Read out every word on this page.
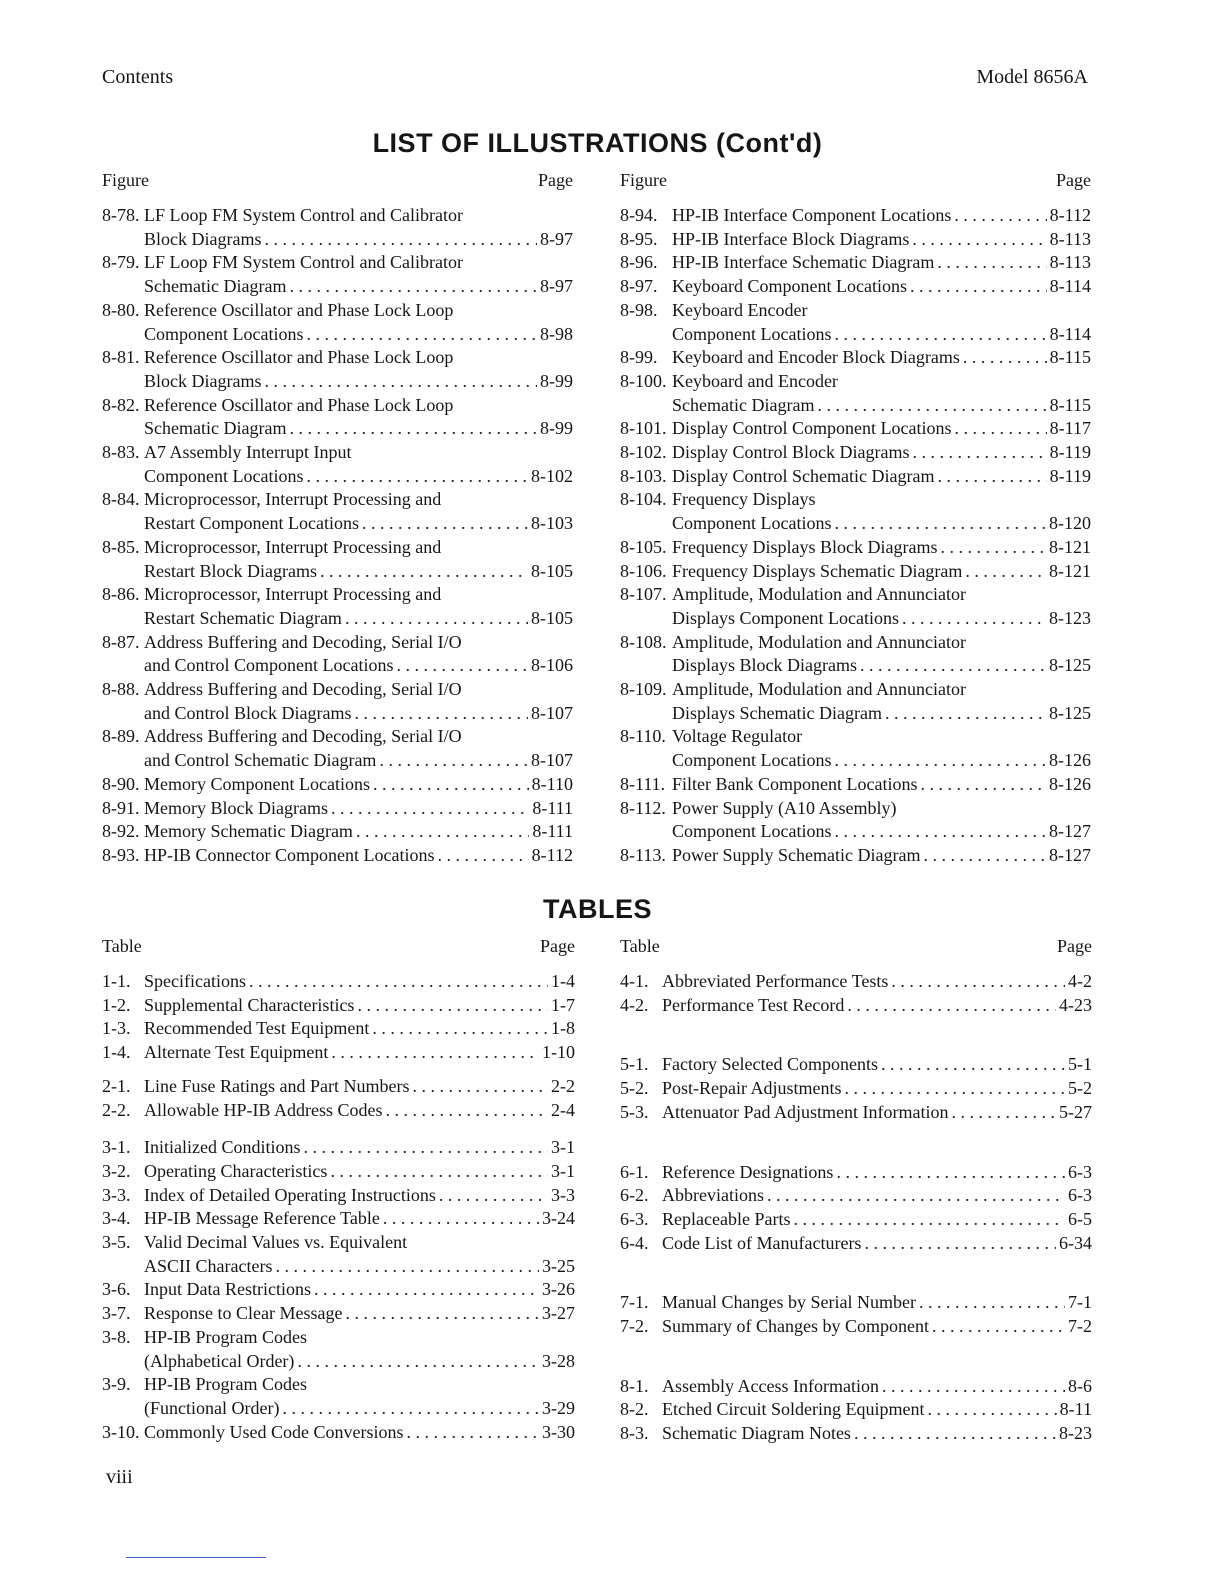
Contents	Model 8656A
LIST OF ILLUSTRATIONS (Cont'd)
Figure	Page
8-78. LF Loop FM System Control and Calibrator
Block Diagrams . . .	8-97
8-79. LF Loop FM System Control and Calibrator
Schematic Diagram . . .	8-97
8-80. Reference Oscillator and Phase Lock Loop
Component Locations . . .	8-98
8-81. Reference Oscillator and Phase Lock Loop
Block Diagrams . . .	8-99
8-82. Reference Oscillator and Phase Lock Loop
Schematic Diagram . . .	8-99
8-83. A7 Assembly Interrupt Input
Component Locations . . .	8-102
8-84. Microprocessor, Interrupt Processing and
Restart Component Locations . . .	8-103
8-85. Microprocessor, Interrupt Processing and
Restart Block Diagrams . . .	8-105
8-86. Microprocessor, Interrupt Processing and
Restart Schematic Diagram . . .	8-105
8-87. Address Buffering and Decoding, Serial I/O
and Control Component Locations . . .	8-106
8-88. Address Buffering and Decoding, Serial I/O
and Control Block Diagrams . . .	8-107
8-89. Address Buffering and Decoding, Serial I/O
and Control Schematic Diagram . . .	8-107
8-90. Memory Component Locations . . .	8-110
8-91. Memory Block Diagrams . . .	8-111
8-92. Memory Schematic Diagram . . .	8-111
8-93. HP-IB Connector Component Locations . . .	8-112
Figure	Page
8-94. HP-IB Interface Component Locations . . .	8-112
8-95. HP-IB Interface Block Diagrams . . .	8-113
8-96. HP-IB Interface Schematic Diagram . . .	8-113
8-97. Keyboard Component Locations . . .	8-114
8-98. Keyboard Encoder
Component Locations . . .	8-114
8-99. Keyboard and Encoder Block Diagrams . . .	8-115
8-100. Keyboard and Encoder
Schematic Diagram . . .	8-115
8-101. Display Control Component Locations . . .	8-117
8-102. Display Control Block Diagrams . . .	8-119
8-103. Display Control Schematic Diagram . . .	8-119
8-104. Frequency Displays
Component Locations . . .	8-120
8-105. Frequency Displays Block Diagrams . . .	8-121
8-106. Frequency Displays Schematic Diagram . . .	8-121
8-107. Amplitude, Modulation and Annunciator
Displays Component Locations . . .	8-123
8-108. Amplitude, Modulation and Annunciator
Displays Block Diagrams . . .	8-125
8-109. Amplitude, Modulation and Annunciator
Displays Schematic Diagram . . .	8-125
8-110. Voltage Regulator
Component Locations . . .	8-126
8-111. Filter Bank Component Locations . . .	8-126
8-112. Power Supply (A10 Assembly)
Component Locations . . .	8-127
8-113. Power Supply Schematic Diagram . . .	8-127
TABLES
Table	Page
1-1. Specifications . . .	1-4
1-2. Supplemental Characteristics . . .	1-7
1-3. Recommended Test Equipment . . .	1-8
1-4. Alternate Test Equipment . . .	1-10
2-1. Line Fuse Ratings and Part Numbers . . .	2-2
2-2. Allowable HP-IB Address Codes . . .	2-4
3-1. Initialized Conditions . . .	3-1
3-2. Operating Characteristics . . .	3-1
3-3. Index of Detailed Operating Instructions . . .	3-3
3-4. HP-IB Message Reference Table . . .	3-24
3-5. Valid Decimal Values vs. Equivalent
ASCII Characters . . .	3-25
3-6. Input Data Restrictions . . .	3-26
3-7. Response to Clear Message . . .	3-27
3-8. HP-IB Program Codes
(Alphabetical Order) . . .	3-28
3-9. HP-IB Program Codes
(Functional Order) . . .	3-29
3-10. Commonly Used Code Conversions . . .	3-30
Table	Page
4-1. Abbreviated Performance Tests . . .	4-2
4-2. Performance Test Record . . .	4-23
5-1. Factory Selected Components . . .	5-1
5-2. Post-Repair Adjustments . . .	5-2
5-3. Attenuator Pad Adjustment Information . . .	5-27
6-1. Reference Designations . . .	6-3
6-2. Abbreviations . . .	6-3
6-3. Replaceable Parts . . .	6-5
6-4. Code List of Manufacturers . . .	6-34
7-1. Manual Changes by Serial Number . . .	7-1
7-2. Summary of Changes by Component . . .	7-2
8-1. Assembly Access Information . . .	8-6
8-2. Etched Circuit Soldering Equipment . . .	8-11
8-3. Schematic Diagram Notes . . .	8-23
viii
